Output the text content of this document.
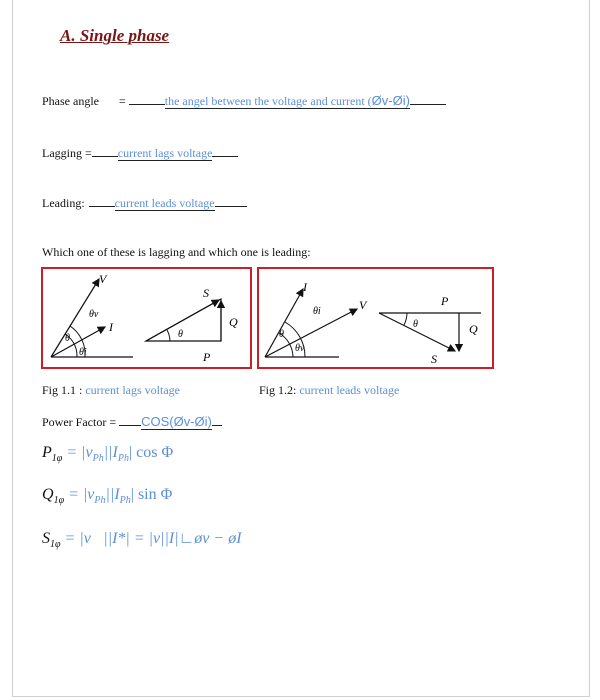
A. Single phase
Phase angle =	the angel between the voltage and current (Øv-Øi)
Lagging = current lags voltage
Leading:	current leads voltage
Which one of these is lagging and which one is leading:
V
I
θv
θi
θ
S
Q
P
θ
I
V
θi
θv
θ
P
Q
S
θ
Fig 1.1 : current lags voltage	Fig 1.2: current leads voltage
Power Factor = COS(Øv-Øi)
$P_{1\varphi} = |v_{Ph}||I_{Ph}|$ cos Φ
$Q_{1\varphi} = |v_{Ph}||I_{Ph}|$ sin Φ
$S_{1\varphi}$ = |v⃗||I*| = |v||I|∟øv − øI
